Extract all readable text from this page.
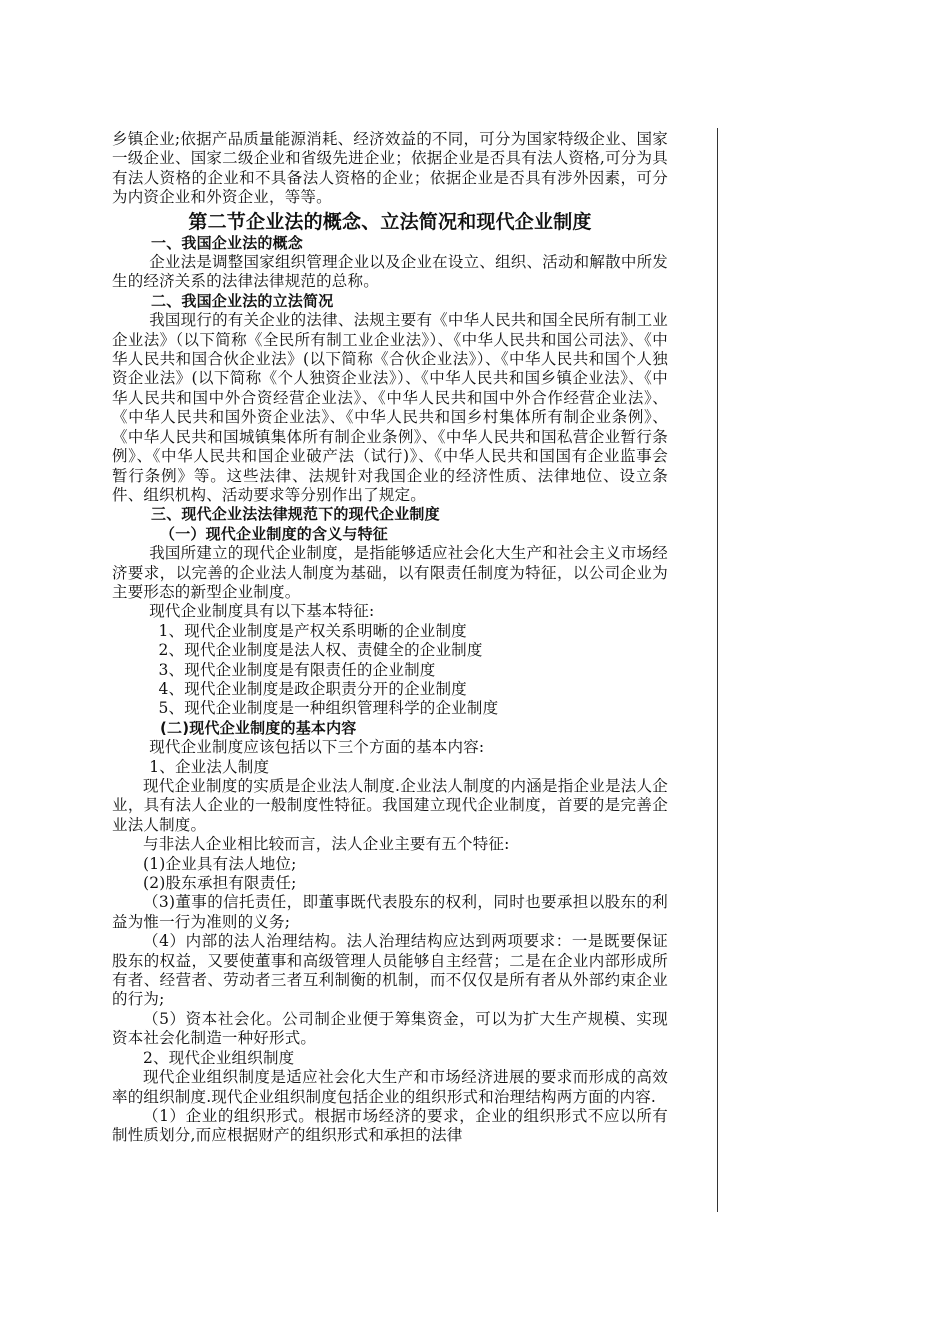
乡镇企业;依据产品质量能源消耗、经济效益的不同，可分为国家特级企业、国家一级企业、国家二级企业和省级先进企业；依据企业是否具有法人资格,可分为具有法人资格的企业和不具备法人资格的企业；依据企业是否具有涉外因素，可分为内资企业和外资企业，等等。

第二节企业法的概念、立法简况和现代企业制度

一、我国企业法的概念

企业法是调整国家组织管理企业以及企业在设立、组织、活动和解散中所发生的经济关系的法律法律规范的总称。

二、我国企业法的立法简况

我国现行的有关企业的法律、法规主要有《中华人民共和国全民所有制工业企业法》（以下简称《全民所有制工业企业法》）、《中华人民共和国公司法》、《中华人民共和国合伙企业法》(以下简称《合伙企业法》）、《中华人民共和国个人独资企业法》(以下简称《个人独资企业法》）、《中华人民共和国乡镇企业法》、《中华人民共和国中外合资经营企业法》、《中华人民共和国中外合作经营企业法》、《中华人民共和国外资企业法》、《中华人民共和国乡村集体所有制企业条例》、《中华人民共和国城镇集体所有制企业条例》、《中华人民共和国私营企业暂行条例》、《中华人民共和国企业破产法（试行)》、《中华人民共和国国有企业监事会暂行条例》等。这些法律、法规针对我国企业的经济性质、法律地位、设立条件、组织机构、活动要求等分别作出了规定。

三、现代企业法法律规范下的现代企业制度

（一）现代企业制度的含义与特征

我国所建立的现代企业制度，是指能够适应社会化大生产和社会主义市场经济要求，以完善的企业法人制度为基础，以有限责任制度为特征，以公司企业为主要形态的新型企业制度。

现代企业制度具有以下基本特征:

1、现代企业制度是产权关系明晰的企业制度

2、现代企业制度是法人权、责健全的企业制度

3、现代企业制度是有限责任的企业制度

4、现代企业制度是政企职责分开的企业制度

5、现代企业制度是一种组织管理科学的企业制度

(二)现代企业制度的基本内容

现代企业制度应该包括以下三个方面的基本内容:

1、企业法人制度

现代企业制度的实质是企业法人制度.企业法人制度的内涵是指企业是法人企业，具有法人企业的一般制度性特征。我国建立现代企业制度，首要的是完善企业法人制度。

与非法人企业相比较而言，法人企业主要有五个特征:

(1)企业具有法人地位;

(2)股东承担有限责任;

（3)董事的信托责任，即董事既代表股东的权利，同时也要承担以股东的利益为惟一行为准则的义务;

（4）内部的法人治理结构。法人治理结构应达到两项要求：一是既要保证股东的权益，又要使董事和高级管理人员能够自主经营；二是在企业内部形成所有者、经营者、劳动者三者互利制衡的机制，而不仅仅是所有者从外部约束企业的行为;

（5）资本社会化。公司制企业便于筹集资金，可以为扩大生产规模、实现资本社会化制造一种好形式。

2、现代企业组织制度

现代企业组织制度是适应社会化大生产和市场经济进展的要求而形成的高效率的组织制度.现代企业组织制度包括企业的组织形式和治理结构两方面的内容.

（1）企业的组织形式。根据市场经济的要求，企业的组织形式不应以所有制性质划分,而应根据财产的组织形式和承担的法律
